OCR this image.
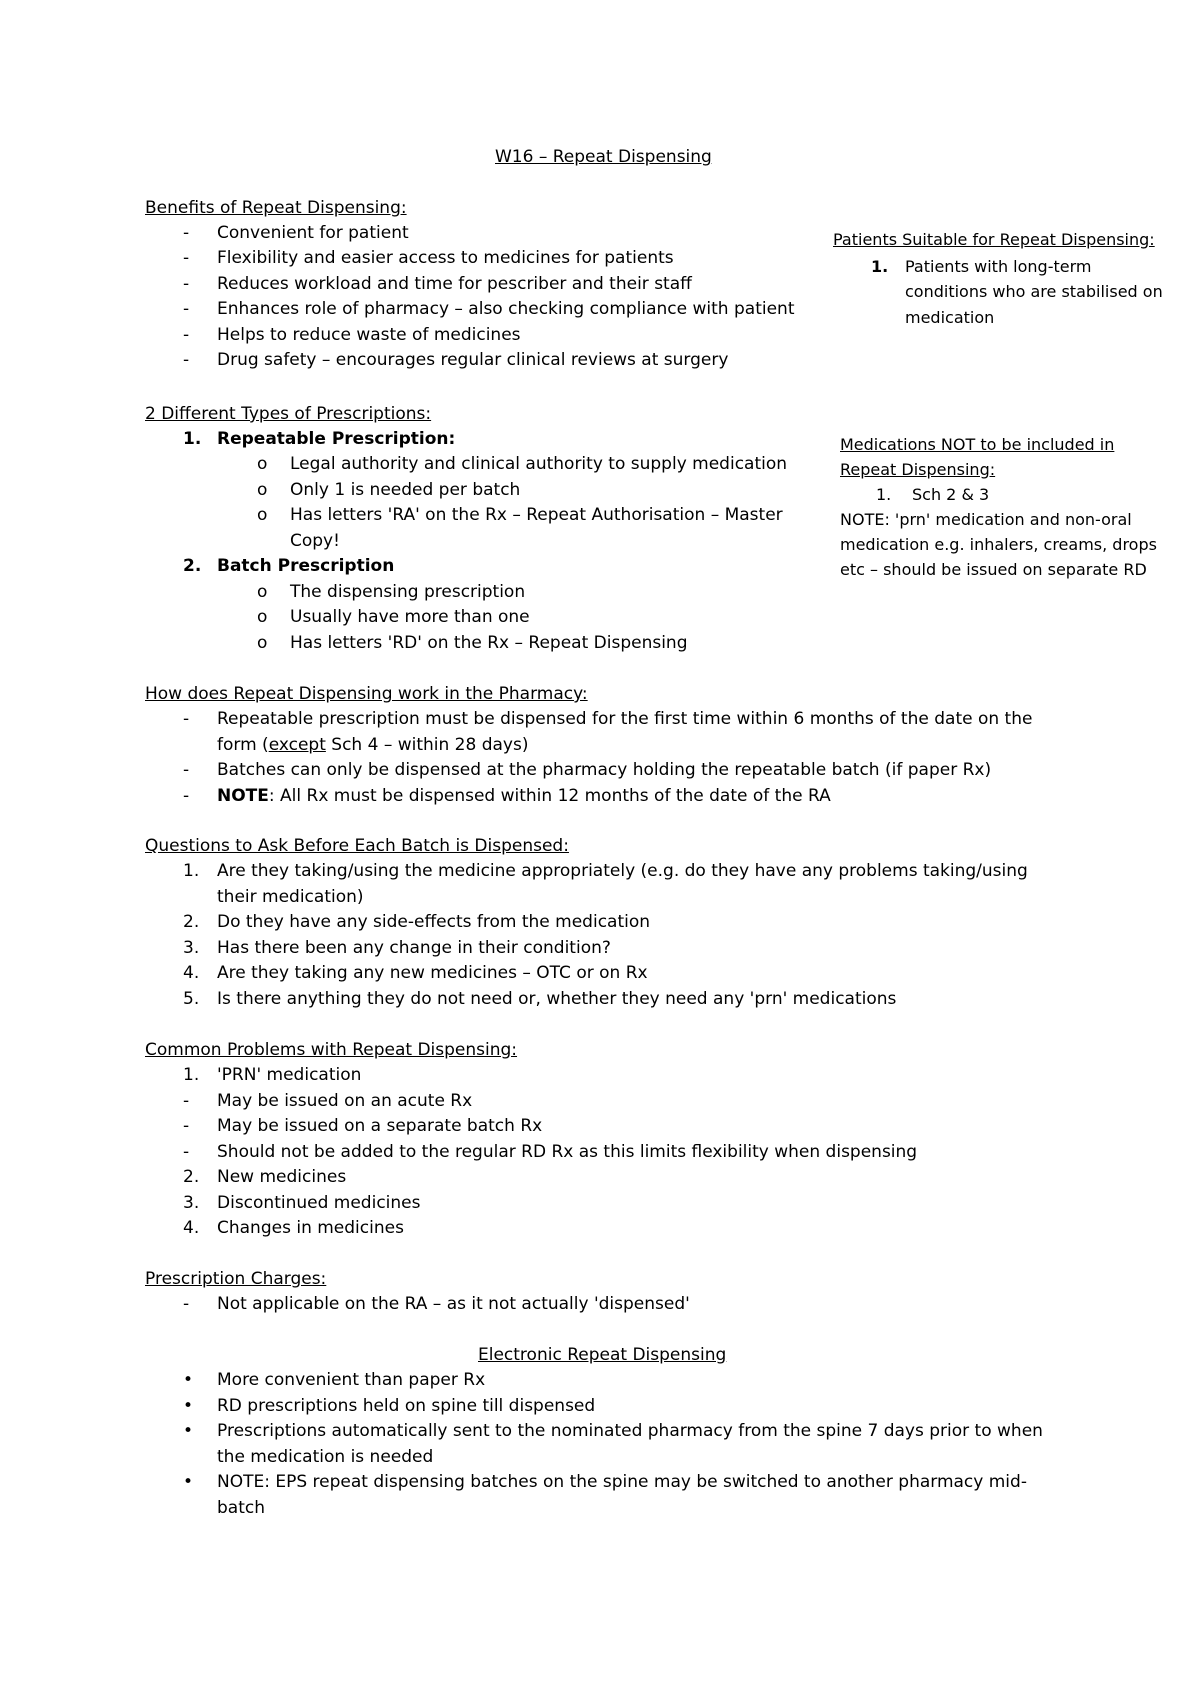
W16 – Repeat Dispensing
Benefits of Repeat Dispensing:
- Convenient for patient
- Flexibility and easier access to medicines for patients
- Reduces workload and time for pescriber and their staff
- Enhances role of pharmacy – also checking compliance with patient
- Helps to reduce waste of medicines
- Drug safety – encourages regular clinical reviews at surgery
Patients Suitable for Repeat Dispensing:
1. Patients with long-term
conditions who are stabilised on
medication
Medications NOT to be included in
Repeat Dispensing:
1. Sch 2 & 3
NOTE: 'prn' medication and non-oral
medication e.g. inhalers, creams, drops
etc – should be issued on separate RD
2 Different Types of Prescriptions:
1. Repeatable Prescription:
o Legal authority and clinical authority to supply medication
o Only 1 is needed per batch
o Has letters 'RA' on the Rx – Repeat Authorisation – Master
Copy!
2. Batch Prescription
o The dispensing prescription
o Usually have more than one
o Has letters 'RD' on the Rx – Repeat Dispensing
How does Repeat Dispensing work in the Pharmacy:
- Repeatable prescription must be dispensed for the first time within 6 months of the date on the
form (except Sch 4 – within 28 days)
- Batches can only be dispensed at the pharmacy holding the repeatable batch (if paper Rx)
- NOTE: All Rx must be dispensed within 12 months of the date of the RA
Questions to Ask Before Each Batch is Dispensed:
1. Are they taking/using the medicine appropriately (e.g. do they have any problems taking/using
their medication)
2. Do they have any side-effects from the medication
3. Has there been any change in their condition?
4. Are they taking any new medicines – OTC or on Rx
5. Is there anything they do not need or, whether they need any 'prn' medications
Common Problems with Repeat Dispensing:
1. 'PRN' medication
- May be issued on an acute Rx
- May be issued on a separate batch Rx
- Should not be added to the regular RD Rx as this limits flexibility when dispensing
2. New medicines
3. Discontinued medicines
4. Changes in medicines
Prescription Charges:
- Not applicable on the RA – as it not actually 'dispensed'
Electronic Repeat Dispensing
• More convenient than paper Rx
• RD prescriptions held on spine till dispensed
• Prescriptions automatically sent to the nominated pharmacy from the spine 7 days prior to when
the medication is needed
• NOTE: EPS repeat dispensing batches on the spine may be switched to another pharmacy mid-
batch
